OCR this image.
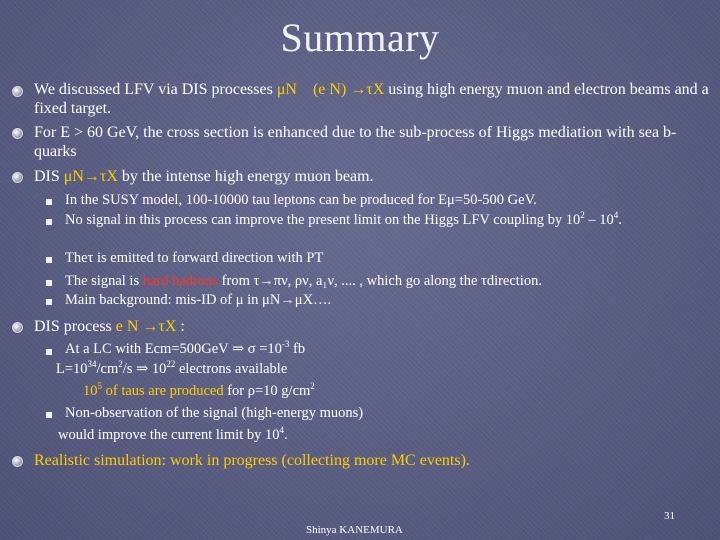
Summary
We discussed LFV via DIS processes μN　(e N) →τX using high energy muon and electron beams and a fixed target.
For E > 60 GeV, the cross section is enhanced due to the sub-process of Higgs mediation with sea b-quarks
DIS μN→τX by the intense high energy muon beam.
In the SUSY model, 100-10000 tau leptons can be produced for Eμ=50-500 GeV.
No signal in this process can improve the present limit on the Higgs LFV coupling by $10^2 - 10^4$.
Theτ is emitted to forward direction with PT
The signal is hard hadrons from τ→πν, ρν, a₁ν, .... , which go along the τdirection.
Main background: mis-ID of μ in μN→μX….
DIS process e N →τX :
At a LC with Ecm=500GeV ⇒ $\sigma =10^{-3}$ fb
$L=10^{34}/cm^2/s$ ⇒ $10^{22}$ electrons available
$10^5$ of taus are produced for ρ=10 $g/cm^2$
Non-observation of the signal (high-energy muons)
would improve the current limit by $10^4$.
Realistic simulation: work in progress (collecting more MC events).
31
Shinya KANEMURA
